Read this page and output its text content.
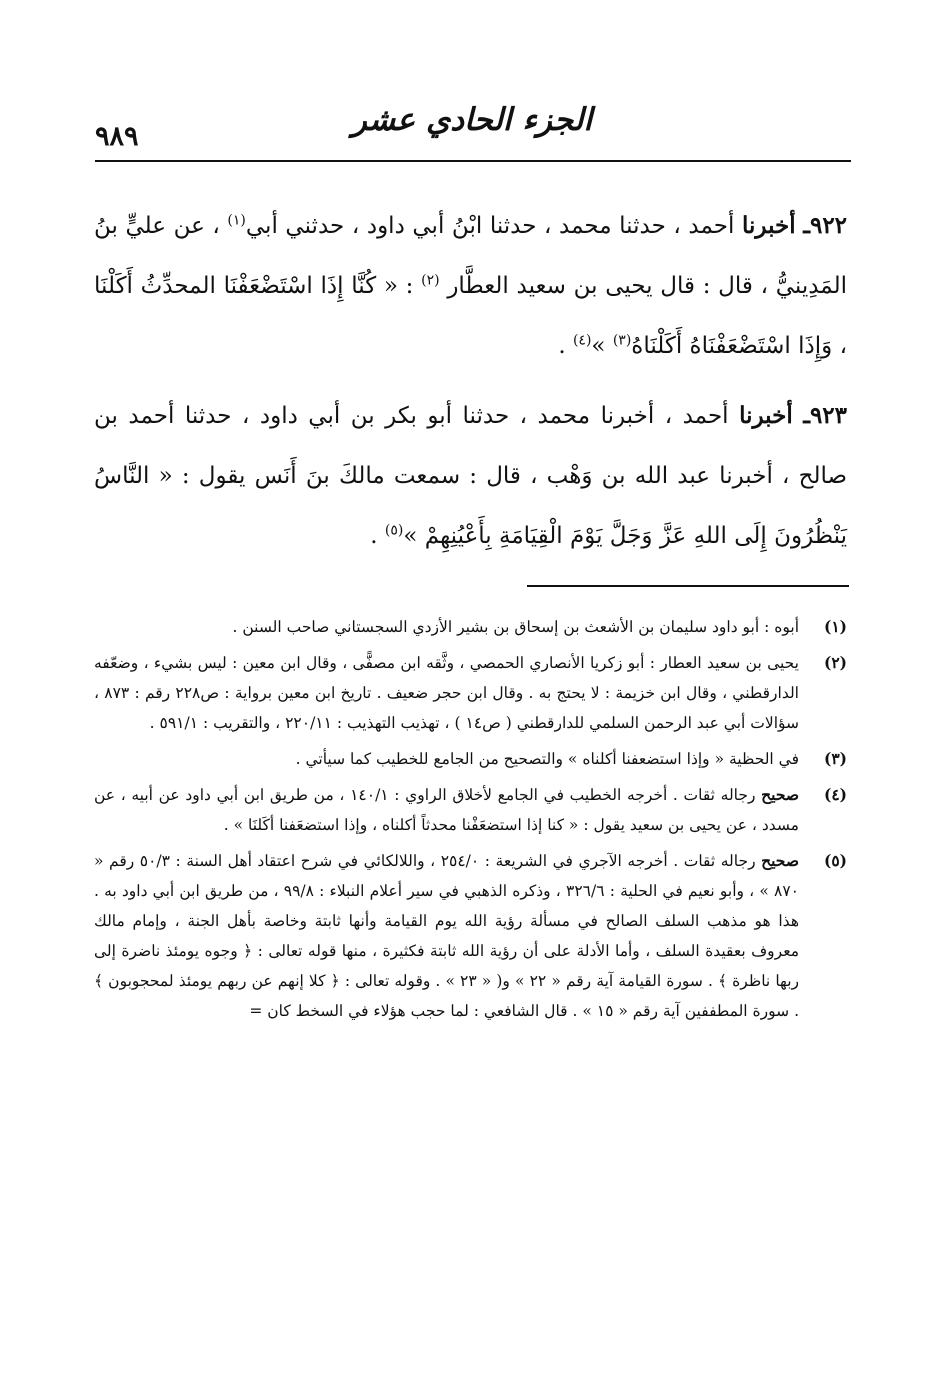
٩٨٩	الجزء الحادي عشر

٩٢٢ـ أخبرنا أحمد ، حدثنا محمد ، حدثنا ابْنُ أبي داود ، حدثني أبي$^{(١)}$ ، عن عليٍّ بنُ المَدِينيُّ ، قال : قال يحيى بن سعيد العطَّار $^{(٢)}$ : « كُنَّا إِذَا اسْتَضْعَفْنَا المحدِّثُ أَكَلْنَا ، وَإِذَا اسْتَضْعَفْنَاهُ أَكَلْنَاهُ$^{(٣)}$ »$^{(٤)}$ .

٩٢٣ـ أخبرنا أحمد ، أخبرنا محمد ، حدثنا أبو بكر بن أبي داود ، حدثنا أحمد بن صالح ، أخبرنا عبد الله بن وَهْب ، قال : سمعت مالكَ بنَ أَنَس يقول : « النَّاسُ يَنْظُرُونَ إِلَى اللهِ عَزَّ وَجَلَّ يَوْمَ الْقِيَامَةِ بِأَعْيُنِهِمْ »$^{(٥)}$ .

(١)
أبوه : أبو داود سليمان بن الأشعث بن إسحاق بن بشير الأزدي السجستاني صاحب السنن .
(٢)
يحيى بن سعيد العطار : أبو زكريا الأنصاري الحمصي ، وثَّقه ابن مصفًّى ، وقال ابن معين : ليس بشيء ، وضعّفه الدارقطني ، وقال ابن خزيمة : لا يحتج به . وقال ابن حجر ضعيف . تاريخ ابن معين برواية : ص٢٢٨ رقم : ٨٧٣ ، سؤالات أبي عبد الرحمن السلمي للدارقطني ( ص١٤ ) ، تهذيب التهذيب : ٢٢٠/١١ ، والتقريب : ٥٩١/١ .
(٣)
في الحظية « وإذا استضعفنا أكلناه » والتصحيح من الجامع للخطيب كما سيأتي .
(٤)
صحيح رجاله ثقات . أخرجه الخطيب في الجامع لأخلاق الراوي : ١٤٠/١ ، من طريق ابن أبي داود عن أبيه ، عن مسدد ، عن يحيى بن سعيد يقول : « كنا إذا استضعَفْنا محدثاً أكلناه ، وإذا استضعَفنا أكَلنَا » .
(٥)
صحيح رجاله ثقات . أخرجه الآجري في الشريعة : ٢٥٤/٠ ، واللالكائي في شرح اعتقاد أهل السنة : ٥٠/٣ رقم « ٨٧٠ » ، وأبو نعيم في الحلية : ٣٢٦/٦ ، وذكره الذهبي في سير أعلام النبلاء : ٩٩/٨ ، من طريق ابن أبي داود به . هذا هو مذهب السلف الصالح في مسألة رؤية الله يوم القيامة وأنها ثابتة وخاصة بأهل الجنة ، وإمام مالك معروف بعقيدة السلف ، وأما الأدلة على أن رؤية الله ثابتة فكثيرة ، منها قوله تعالى : ﴿ وجوه يومئذ ناضرة إلى ربها ناظرة ﴾ . سورة القيامة آية رقم « ٢٢ » و( « ٢٣ » . وقوله تعالى : ﴿ كلا إنهم عن ربهم يومئذ لمحجوبون ﴾ . سورة المطففين آية رقم « ١٥ » . قال الشافعي : لما حجب هؤلاء في السخط كان =
